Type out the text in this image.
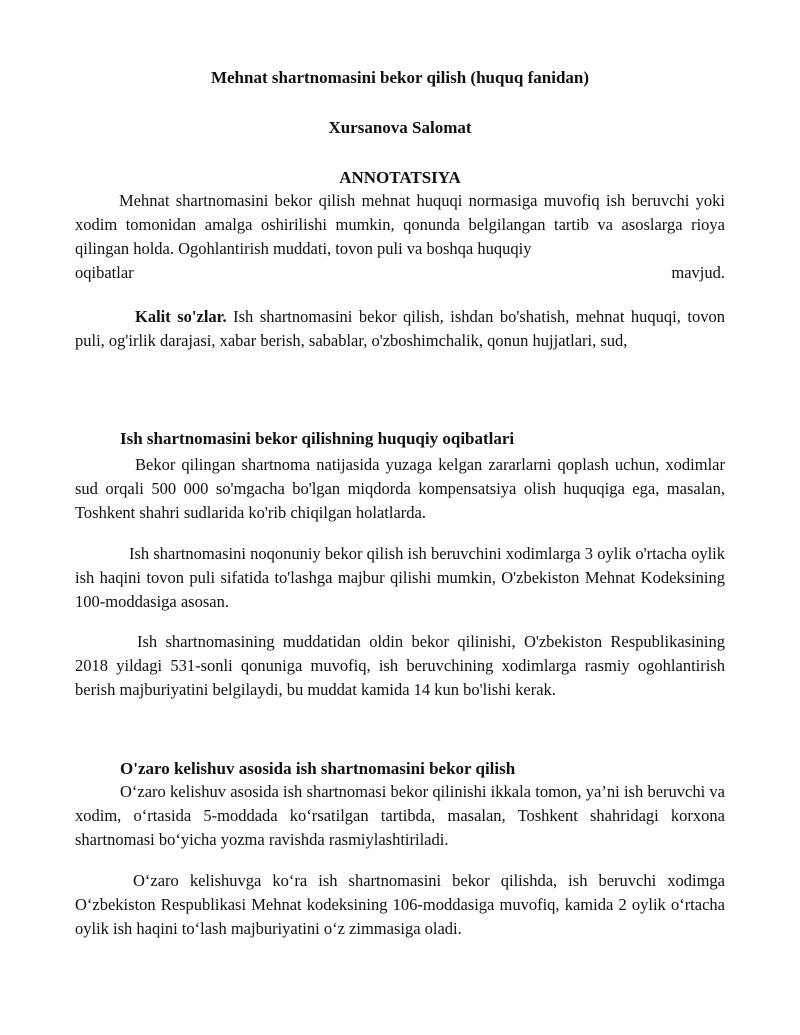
Mehnat shartnomasini bekor qilish (huquq fanidan)

Xursanova Salomat

ANNOTATSIYA

Mehnat shartnomasini bekor qilish mehnat huquqi normasiga muvofiq ish beruvchi yoki xodim tomonidan amalga oshirilishi mumkin, qonunda belgilangan tartib va asoslarga rioya qilingan holda. Ogohlantirish muddati, tovon puli va boshqa huquqiy
oqibatlar	mavjud.
Kalit so'zlar. Ish shartnomasini bekor qilish, ishdan bo'shatish, mehnat huquqi, tovon puli, og'irlik darajasi, xabar berish, sabablar, o'zboshimchalik, qonun hujjatlari, sud,

Ish shartnomasini bekor qilishning huquqiy oqibatlari

Bekor qilingan shartnoma natijasida yuzaga kelgan zararlarni qoplash uchun, xodimlar sud orqali 500 000 so'mgacha bo'lgan miqdorda kompensatsiya olish huquqiga ega, masalan, Toshkent shahri sudlarida ko'rib chiqilgan holatlarda.
Ish shartnomasini noqonuniy bekor qilish ish beruvchini xodimlarga 3 oylik o'rtacha oylik ish haqini tovon puli sifatida to'lashga majbur qilishi mumkin, O'zbekiston Mehnat Kodeksining 100-moddasiga asosan.
Ish shartnomasining muddatidan oldin bekor qilinishi, O'zbekiston Respublikasining 2018 yildagi 531-sonli qonuniga muvofiq, ish beruvchining xodimlarga rasmiy ogohlantirish berish majburiyatini belgilaydi, bu muddat kamida 14 kun bo'lishi kerak.

O'zaro kelishuv asosida ish shartnomasini bekor qilish

O‘zaro kelishuv asosida ish shartnomasi bekor qilinishi ikkala tomon, ya’ni ish beruvchi va xodim, o‘rtasida 5-moddada ko‘rsatilgan tartibda, masalan, Toshkent shahridagi korxona shartnomasi bo‘yicha yozma ravishda rasmiylashtiriladi.
O‘zaro kelishuvga ko‘ra ish shartnomasini bekor qilishda, ish beruvchi xodimga O‘zbekiston Respublikasi Mehnat kodeksining 106-moddasiga muvofiq, kamida 2 oylik o‘rtacha oylik ish haqini to‘lash majburiyatini o‘z zimmasiga oladi.
